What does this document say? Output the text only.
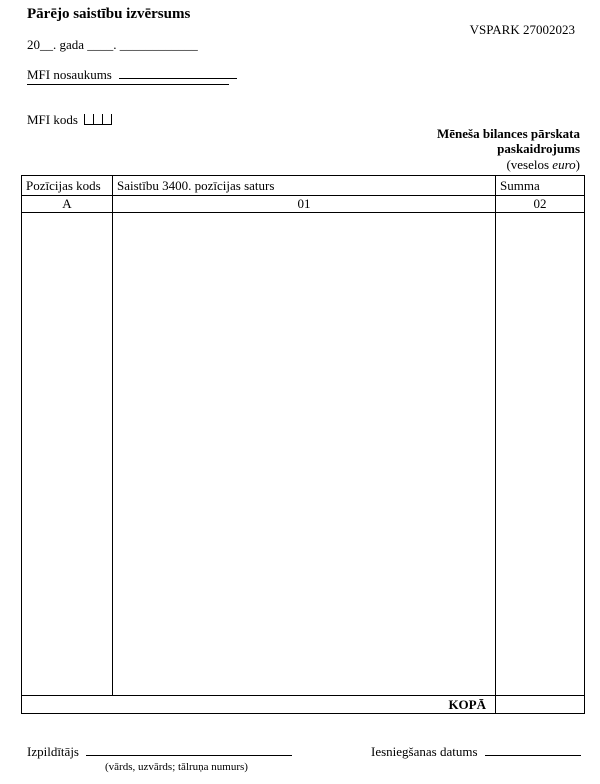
Pārējo saistību izvērsums
VSPARK 27002023
20__. gada ____. ____________
MFI nosaukums
MFI kods
Mēneša bilances pārskata
paskaidrojums
(veselos euro)
Pozīcijas kods	Saistību 3400. pozīcijas saturs	Summa
A	01	02

KOPĀ		
Izpildītājs
(vārds, uzvārds; tālruņa numurs)
Iesniegšanas datums
